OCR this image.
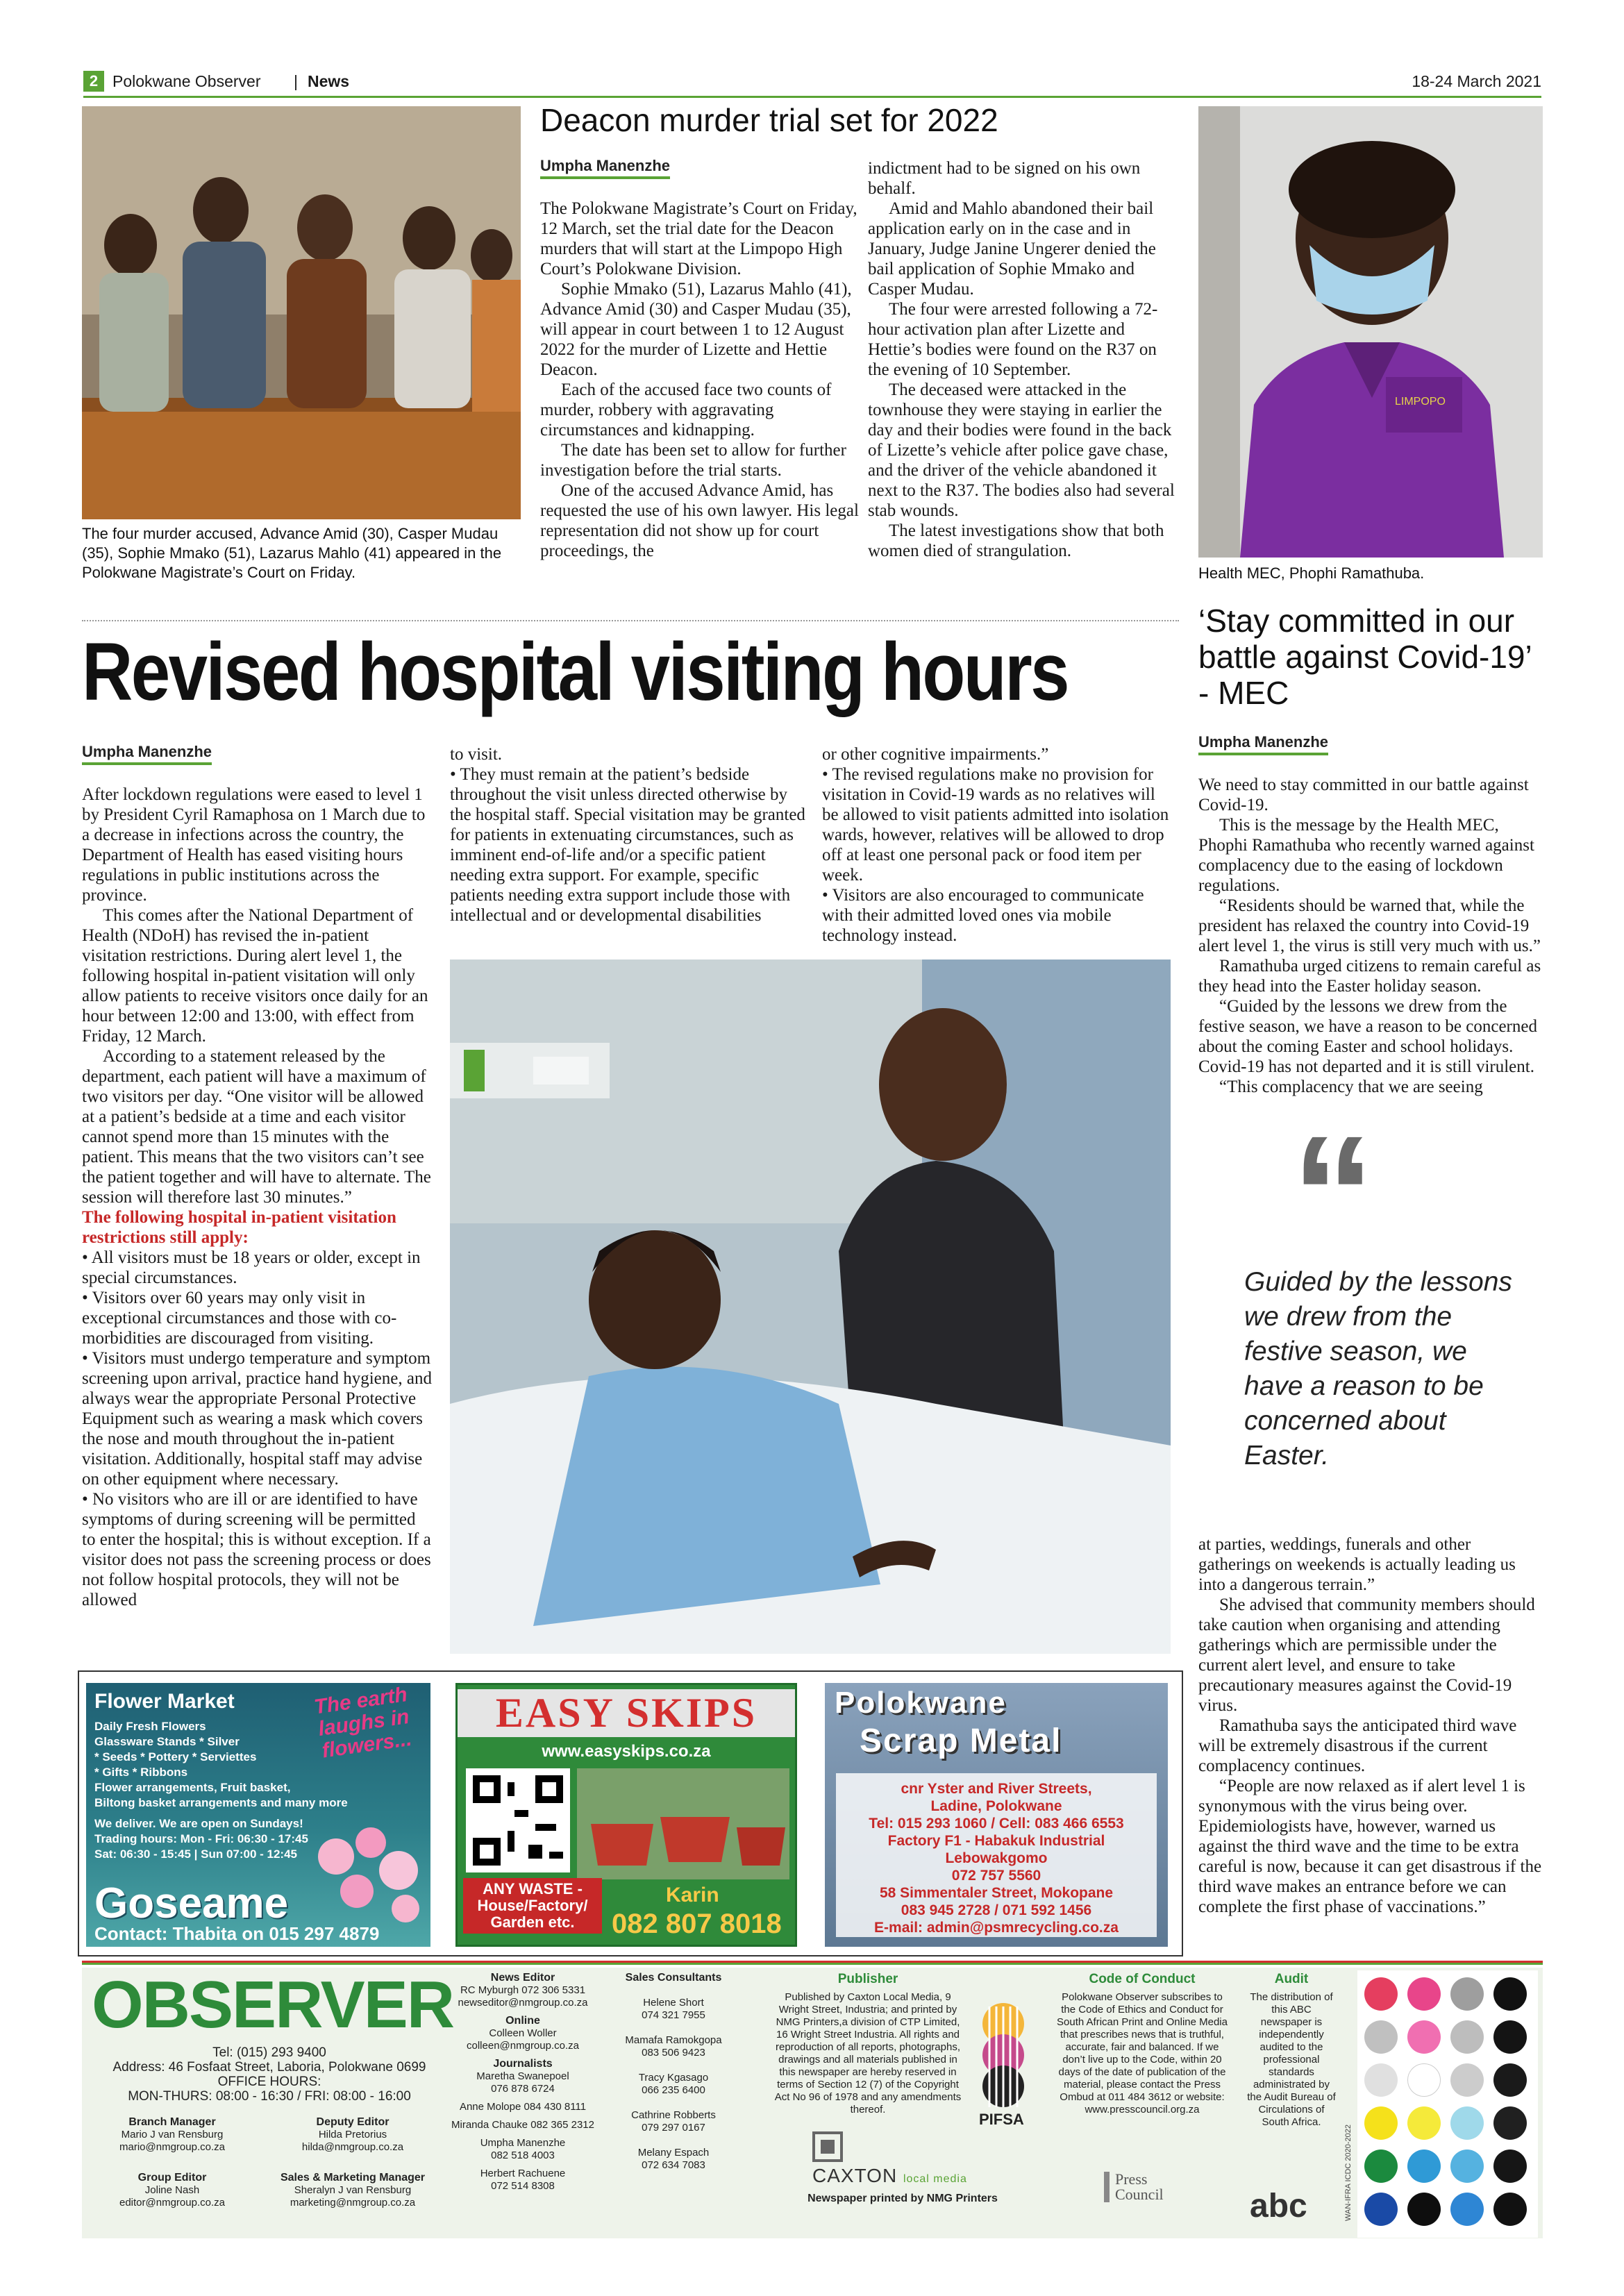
2 Polokwane Observer | News	18-24 March 2021
The four murder accused, Advance Amid (30), Casper Mudau (35), Sophie Mmako (51), Lazarus Mahlo (41) appeared in the Polokwane Magistrate’s Court on Friday.
Deacon murder trial set for 2022
Umpha Manenzhe

The Polokwane Magistrate’s Court on Friday, 12 March, set the trial date for the Deacon murders that will start at the Limpopo High Court’s Polokwane Division.

Sophie Mmako (51), Lazarus Mahlo (41), Advance Amid (30) and Casper Mudau (35), will appear in court between 1 to 12 August 2022 for the murder of Lizette and Hettie Deacon.

Each of the accused face two counts of murder, robbery with aggravating circumstances and kidnapping.

The date has been set to allow for further investigation before the trial starts.

One of the accused Advance Amid, has requested the use of his own lawyer. His legal representation did not show up for court proceedings, the

indictment had to be signed on his own behalf.

Amid and Mahlo abandoned their bail application early on in the case and in January, Judge Janine Ungerer denied the bail application of Sophie Mmako and Casper Mudau.

The four were arrested following a 72-hour activation plan after Lizette and Hettie’s bodies were found on the R37 on the evening of 10 September.

The deceased were attacked in the townhouse they were staying in earlier the day and their bodies were found in the back of Lizette’s vehicle after police gave chase, and the driver of the vehicle abandoned it next to the R37. The bodies also had several stab wounds.

The latest investigations show that both women died of strangulation.

LIMPOPO
Health MEC, Phophi Ramathuba.
Revised hospital visiting hours
Umpha Manenzhe

After lockdown regulations were eased to level 1 by President Cyril Ramaphosa on 1 March due to a decrease in infections across the country, the Department of Health has eased visiting hours regulations in public institutions across the province.

This comes after the National Department of Health (NDoH) has revised the in-patient visitation restrictions. During alert level 1, the following hospital in-patient visitation will only allow patients to receive visitors once daily for an hour between 12:00 and 13:00, with effect from Friday, 12 March.

According to a statement released by the department, each patient will have a maximum of two visitors per day. “One visitor will be allowed at a patient’s bedside at a time and each visitor cannot spend more than 15 minutes with the patient. This means that the two visitors can’t see the patient together and will have to alternate. The session will therefore last 30 minutes.”

The following hospital in-patient visitation restrictions still apply:

• All visitors must be 18 years or older, except in special circumstances.

• Visitors over 60 years may only visit in exceptional circumstances and those with co-morbidities are discouraged from visiting.

• Visitors must undergo temperature and symptom screening upon arrival, practice hand hygiene, and always wear the appropriate Personal Protective Equipment such as wearing a mask which covers the nose and mouth throughout the in-patient visitation. Additionally, hospital staff may advise on other equipment where necessary.

• No visitors who are ill or are identified to have symptoms of during screening will be permitted to enter the hospital; this is without exception. If a visitor does not pass the screening process or does not follow hospital protocols, they will not be allowed

to visit.

• They must remain at the patient’s bedside throughout the visit unless directed otherwise by the hospital staff. Special visitation may be granted for patients in extenuating circumstances, such as imminent end-of-life and/or a specific patient needing extra support. For example, specific patients needing extra support include those with intellectual and or developmental disabilities

or other cognitive impairments.”

• The revised regulations make no provision for visitation in Covid-19 wards as no relatives will be allowed to visit patients admitted into isolation wards, however, relatives will be allowed to drop off at least one personal pack or food item per week.

• Visitors are also encouraged to communicate with their admitted loved ones via mobile technology instead.

‘Stay committed in our battle against Covid-19’ - MEC
Umpha Manenzhe

We need to stay committed in our battle against Covid-19.

This is the message by the Health MEC, Phophi Ramathuba who recently warned against complacency due to the easing of lockdown regulations.

“Residents should be warned that, while the president has relaxed the country into Covid-19 alert level 1, the virus is still very much with us.”

Ramathuba urged citizens to remain careful as they head into the Easter holiday season.

“Guided by the lessons we drew from the festive season, we have a reason to be concerned about the coming Easter and school holidays. Covid-19 has not departed and it is still virulent.

“This complacency that we are seeing

“
Guided by the lessons we drew from the festive season, we have a reason to be concerned about Easter.

at parties, weddings, funerals and other gatherings on weekends is actually leading us into a dangerous terrain.”

She advised that community members should take caution when organising and attending gatherings which are permissible under the current alert level, and ensure to take precautionary measures against the Covid-19 virus.

Ramathuba says the anticipated third wave will be extremely disastrous if the current complacency continues.

“People are now relaxed as if alert level 1 is synonymous with the virus being over. Epidemiologists have, however, warned us against the third wave and the time to be extra careful is now, because it can get disastrous if the third wave makes an entrance before we can complete the first phase of vaccinations.”

Flower Market	The earth laughs in flowers...
Daily Fresh Flowers
Glassware Stands * Silver
* Seeds * Pottery * Serviettes
* Gifts * Ribbons
Flower arrangements, Fruit basket,
Biltong basket arrangements and many more
We deliver. We are open on Sundays!
Trading hours: Mon - Fri: 06:30 - 17:45
Sat: 06:30 - 15:45 | Sun 07:00 - 12:45
Goseame
Contact: Thabita on 015 297 4879
EASY SKIPS
www.easyskips.co.za
ANY WASTE - House/Factory/ Garden etc.
Karin
082 807 8018
Polokwane
Scrap Metal
cnr Yster and River Streets,
Ladine, Polokwane
Tel: 015 293 1060 / Cell: 083 466 6553
Factory F1 - Habakuk Industrial
Lebowakgomo
072 757 5560
58 Simmentaler Street, Mokopane
083 945 2728 / 071 592 1456
E-mail: admin@psmrecycling.co.za
OBSERVER
Tel: (015) 293 9400
Address: 46 Fosfaat Street, Laboria, Polokwane 0699
OFFICE HOURS:
MON-THURS: 08:00 - 16:30 / FRI: 08:00 - 16:00
Branch Manager
Mario J van Rensburg
mario@nmgroup.co.za
Deputy Editor
Hilda Pretorius
hilda@nmgroup.co.za
Group Editor
Joline Nash
editor@nmgroup.co.za
Sales & Marketing Manager
Sheralyn J van Rensburg
marketing@nmgroup.co.za
News Editor
RC Myburgh 072 306 5331
newseditor@nmgroup.co.za
Online
Colleen Woller
colleen@nmgroup.co.za
Journalists
Maretha Swanepoel
076 878 6724
Anne Molope 084 430 8111
Miranda Chauke 082 365 2312
Umpha Manenzhe
082 518 4003
Herbert Rachuene
072 514 8308
Sales Consultants
Helene Short
074 321 7955
Mamafa Ramokgopa
083 506 9423
Tracy Kgasago
066 235 6400
Cathrine Robberts
079 297 0167
Melany Espach
072 634 7083
Publisher
Published by Caxton Local Media, 9 Wright Street, Industria; and printed by NMG Printers,a division of CTP Limited, 16 Wright Street Industria. All rights and reproduction of all reports, photographs, drawings and all materials published in this newspaper are hereby reserved in terms of Section 12 (7) of the Copyright Act No 96 of 1978 and any amendments thereof.
PIFSA
CAXTON local media
Newspaper printed by NMG Printers
Code of Conduct
Polokwane Observer subscribes to the Code of Ethics and Conduct for South African Print and Online Media that prescribes news that is truthful, accurate, fair and balanced. If we don’t live up to the Code, within 20 days of the date of publication of the material, please contact the Press Ombud at 011 484 3612 or website: www.presscouncil.org.za
Press Council
Audit
The distribution of this ABC newspaper is independently audited to the professional standards administrated by the Audit Bureau of Circulations of South Africa.
abc	WAN-IFRA ICDC 2020-2022
